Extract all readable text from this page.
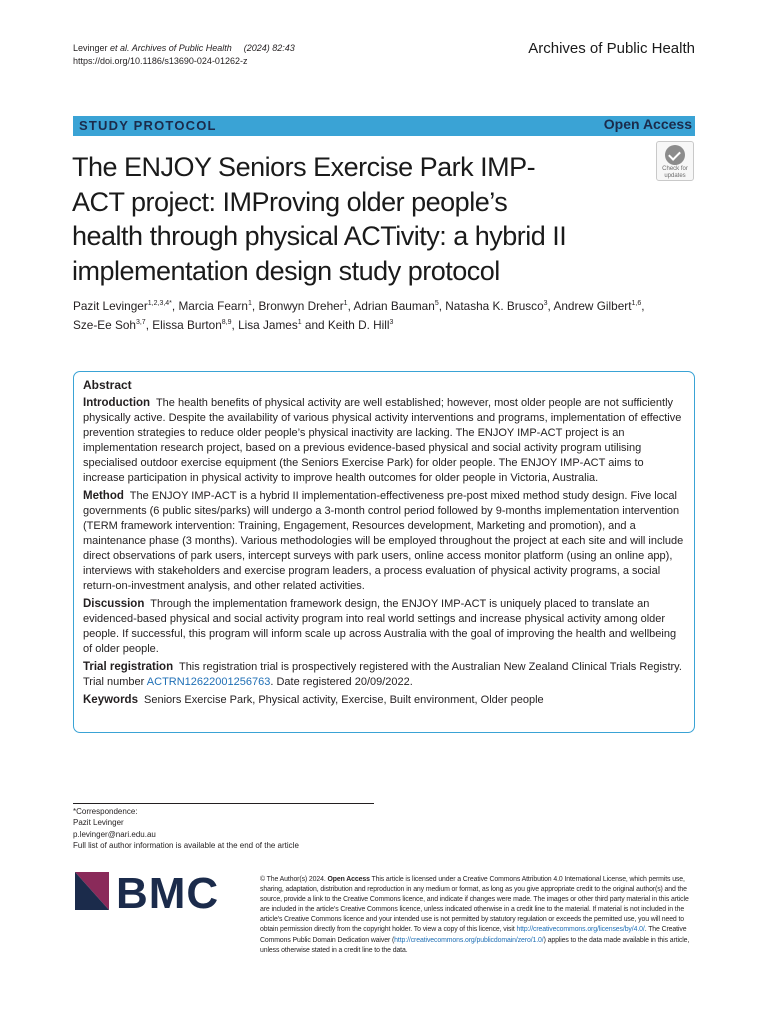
Levinger et al. Archives of Public Health (2024) 82:43
https://doi.org/10.1186/s13690-024-01262-z
Archives of Public Health
STUDY PROTOCOL	Open Access
The ENJOY Seniors Exercise Park IMP-
ACT project: IMProving older people’s
health through physical ACTivity: a hybrid II
implementation design study protocol
Check for
updates
Pazit Levinger$^{1,2,3,4*}$, Marcia Fearn$^1$, Bronwyn Dreher$^1$, Adrian Bauman$^5$, Natasha K. Brusco$^3$, Andrew Gilbert$^{1,6}$,
Sze-Ee Soh$^{3,7}$, Elissa Burton$^{8,9}$, Lisa James$^1$ and Keith D. Hill$^3$
Abstract

Introduction The health benefits of physical activity are well established; however, most older people are not sufficiently physically active. Despite the availability of various physical activity interventions and programs, implementation of effective prevention strategies to reduce older people’s physical inactivity are lacking. The ENJOY IMP-ACT project is an implementation research project, based on a previous evidence-based physical and social activity program utilising specialised outdoor exercise equipment (the Seniors Exercise Park) for older people. The ENJOY IMP-ACT aims to increase participation in physical activity to improve health outcomes for older people in Victoria, Australia.

Method The ENJOY IMP-ACT is a hybrid II implementation-effectiveness pre-post mixed method study design. Five local governments (6 public sites/parks) will undergo a 3-month control period followed by 9-months implementation intervention (TERM framework intervention: Training, Engagement, Resources development, Marketing and promotion), and a maintenance phase (3 months). Various methodologies will be employed throughout the project at each site and will include direct observations of park users, intercept surveys with park users, online access monitor platform (using an online app), interviews with stakeholders and exercise program leaders, a process evaluation of physical activity programs, a social return-on-investment analysis, and other related activities.

Discussion Through the implementation framework design, the ENJOY IMP-ACT is uniquely placed to translate an evidenced-based physical and social activity program into real world settings and increase physical activity among older people. If successful, this program will inform scale up across Australia with the goal of improving the health and wellbeing of older people.

Trial registration This registration trial is prospectively registered with the Australian New Zealand Clinical Trials Registry. Trial number ACTRN12622001256763. Date registered 20/09/2022.

Keywords Seniors Exercise Park, Physical activity, Exercise, Built environment, Older people

*Correspondence:
Pazit Levinger
p.levinger@nari.edu.au
Full list of author information is available at the end of the article
BMC	© The Author(s) 2024. Open Access This article is licensed under a Creative Commons Attribution 4.0 International License, which permits use, sharing, adaptation, distribution and reproduction in any medium or format, as long as you give appropriate credit to the original author(s) and the source, provide a link to the Creative Commons licence, and indicate if changes were made. The images or other third party material in this article are included in the article’s Creative Commons licence, unless indicated otherwise in a credit line to the material. If material is not included in the article’s Creative Commons licence and your intended use is not permitted by statutory regulation or exceeds the permitted use, you will need to obtain permission directly from the copyright holder. To view a copy of this licence, visit http://creativecommons.org/licenses/by/4.0/. The Creative Commons Public Domain Dedication waiver (http://creativecommons.org/publicdomain/zero/1.0/) applies to the data made available in this article, unless otherwise stated in a credit line to the data.
